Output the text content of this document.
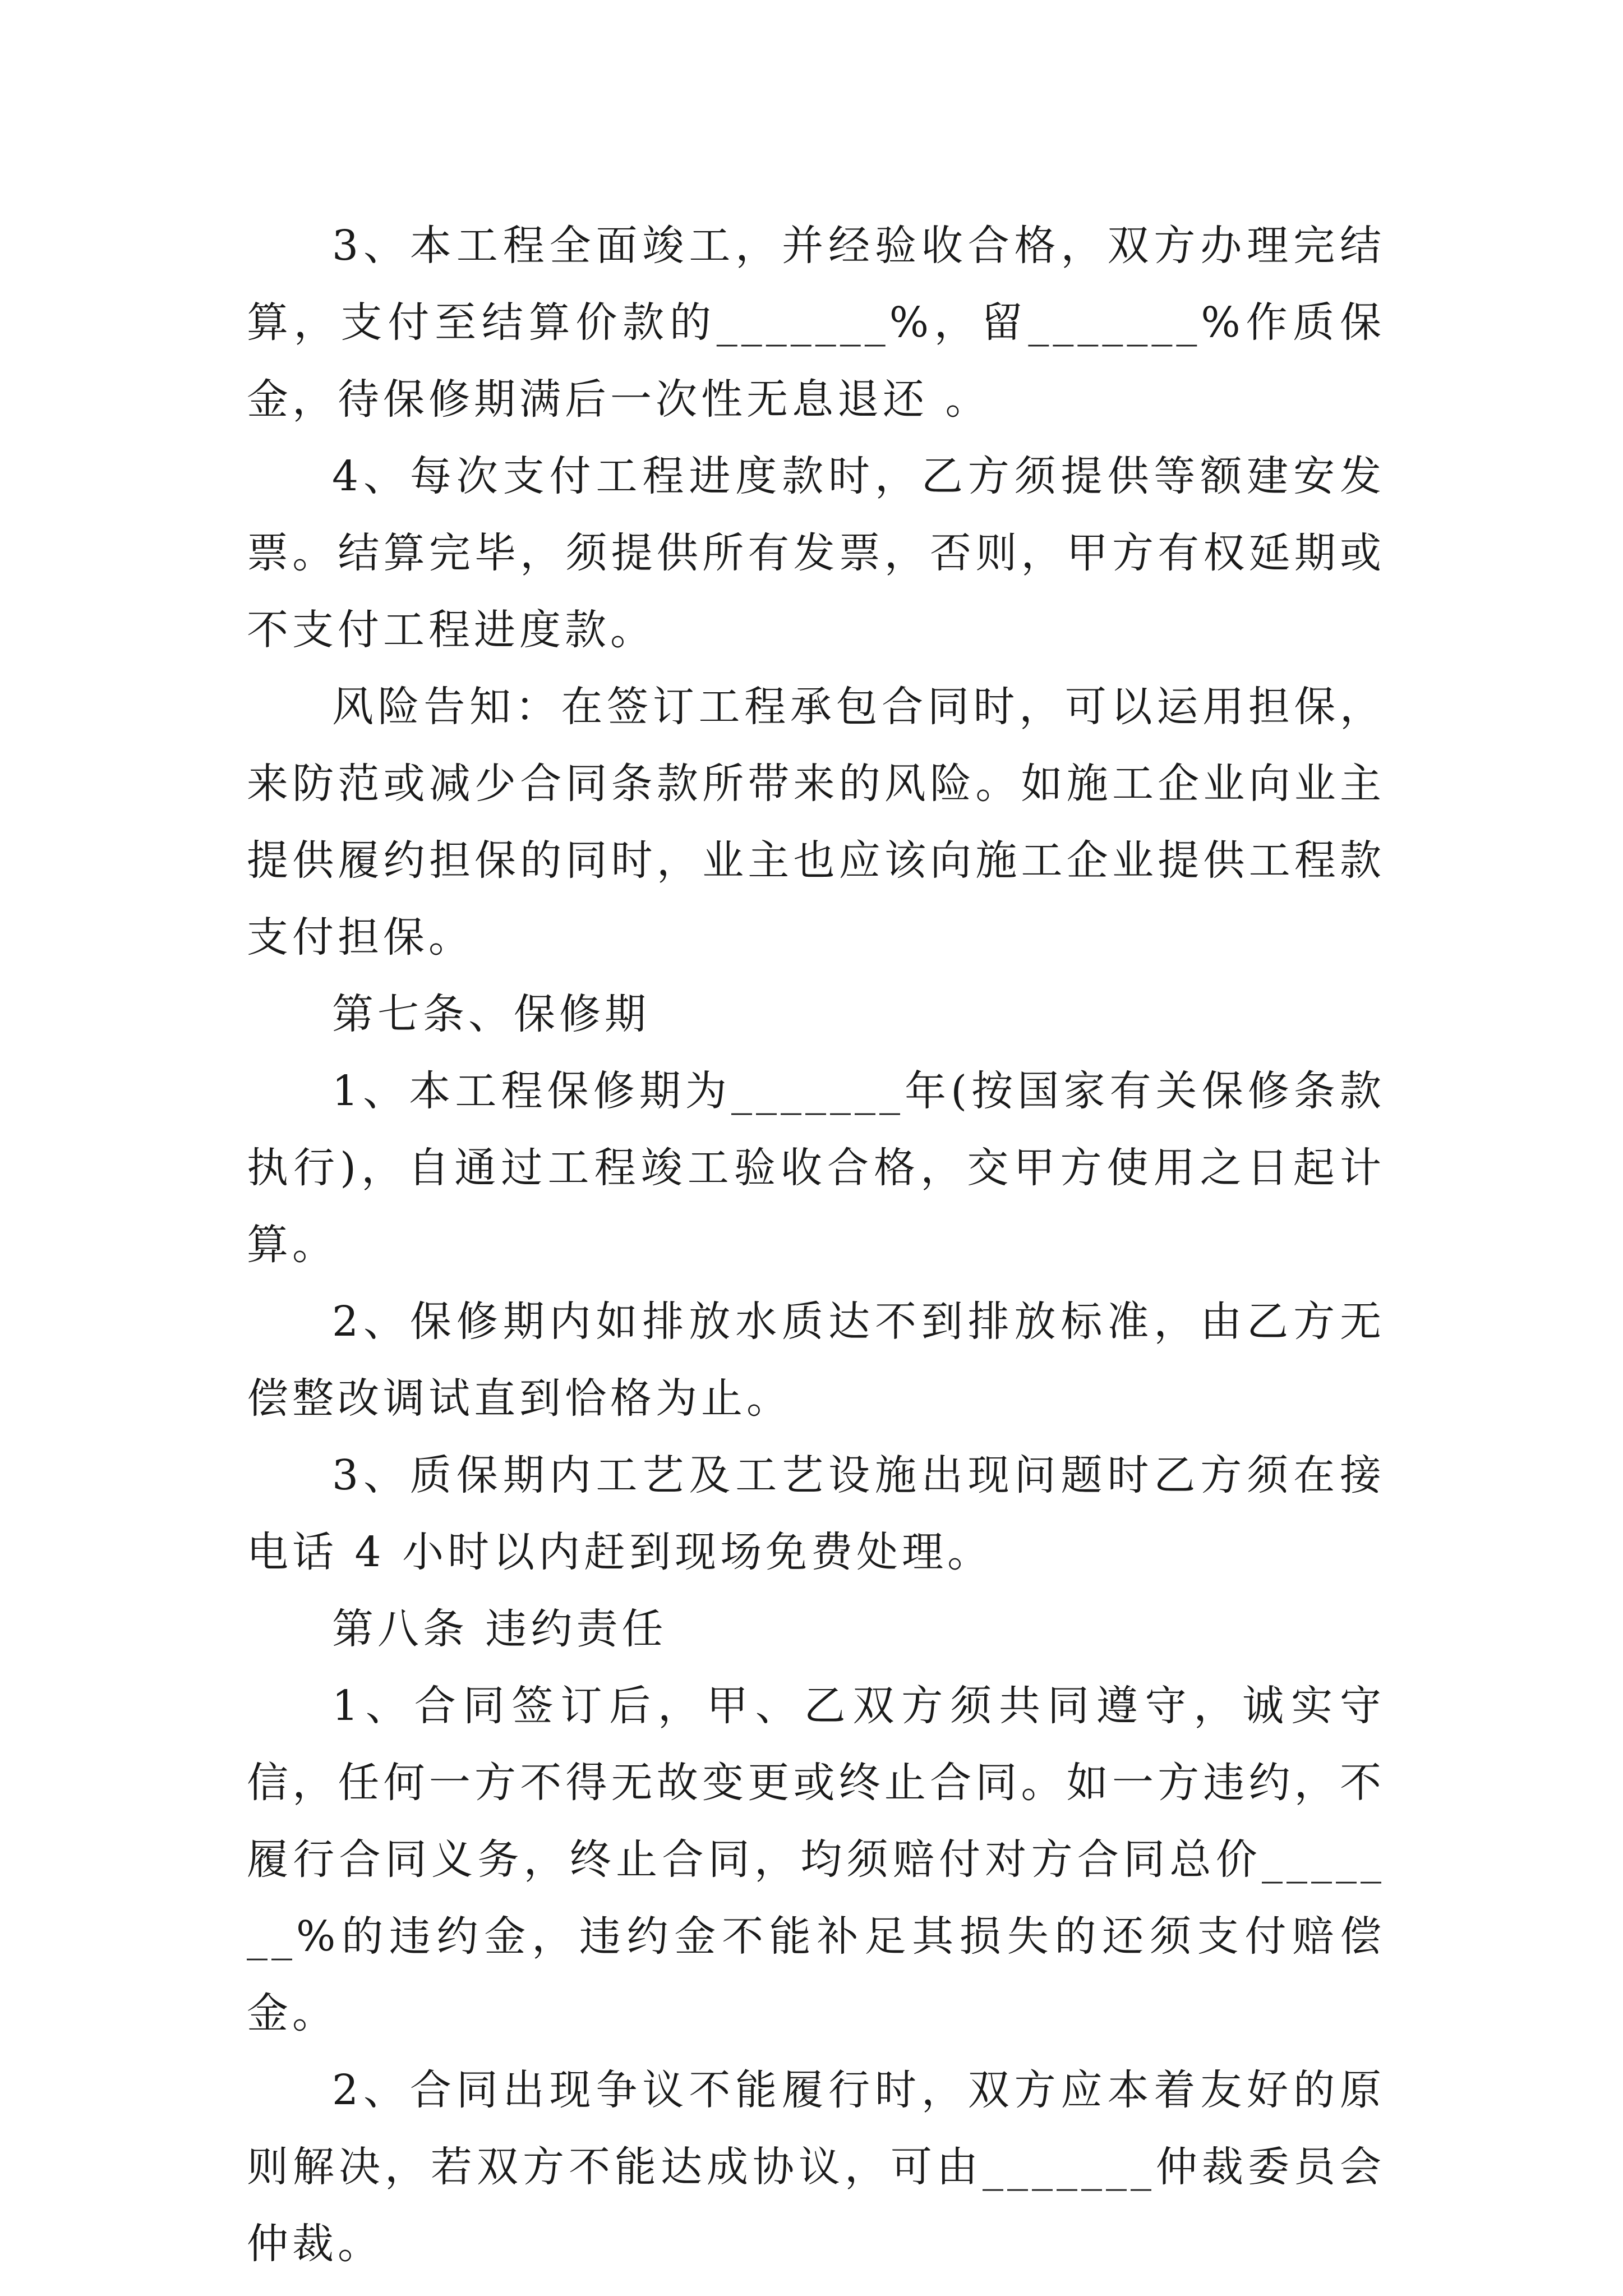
3、本工程全面竣工，并经验收合格，双方办理完结算，支付至结算价款的_______%，留_______%作质保金，待保修期满后一次性无息退还 。

4、每次支付工程进度款时，乙方须提供等额建安发票。结算完毕，须提供所有发票，否则，甲方有权延期或不支付工程进度款。

风险告知：在签订工程承包合同时，可以运用担保，来防范或减少合同条款所带来的风险。如施工企业向业主提供履约担保的同时，业主也应该向施工企业提供工程款支付担保。

第七条、保修期

1、本工程保修期为_______年(按国家有关保修条款执行)，自通过工程竣工验收合格，交甲方使用之日起计算。

2、保修期内如排放水质达不到排放标准，由乙方无偿整改调试直到恰格为止。

3、质保期内工艺及工艺设施出现问题时乙方须在接电话 4 小时以内赶到现场免费处理。

第八条 违约责任

1、合同签订后，甲、乙双方须共同遵守，诚实守信，任何一方不得无故变更或终止合同。如一方违约，不履行合同义务，终止合同，均须赔付对方合同总价_______%的违约金，违约金不能补足其损失的还须支付赔偿金。

2、合同出现争议不能履行时，双方应本着友好的原则解决，若双方不能达成协议，可由_______仲裁委员会仲裁。
